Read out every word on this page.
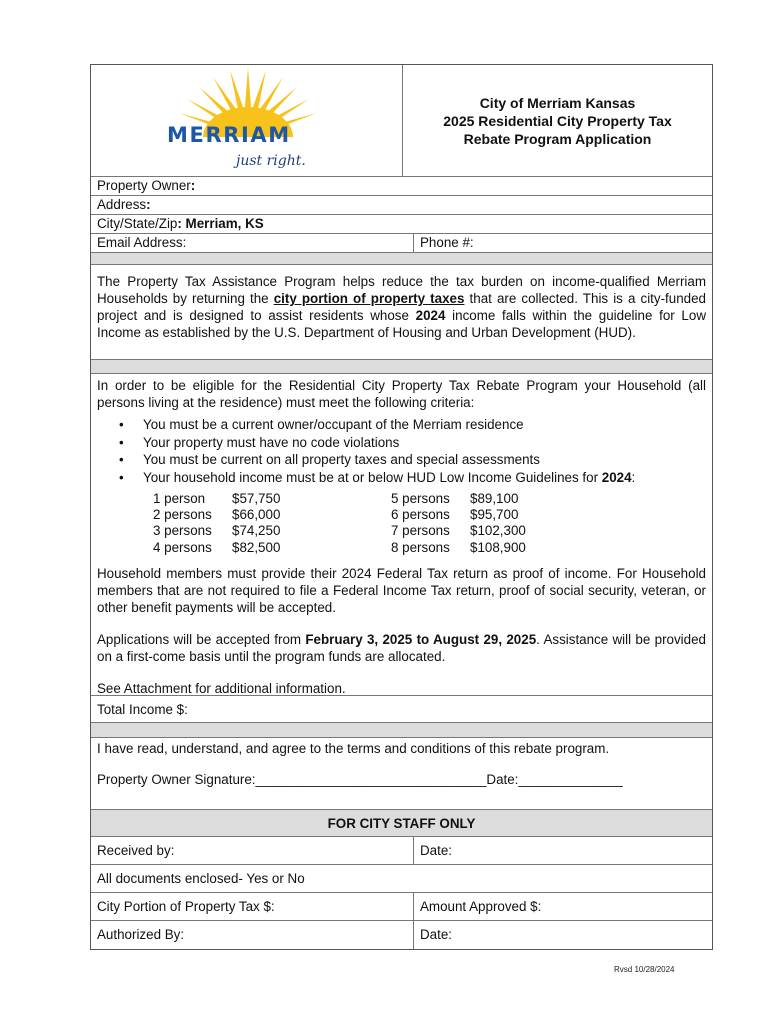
MERRIAM
just right.
City of Merriam Kansas
2025 Residential City Property Tax
Rebate Program Application
Property Owner:
Address:
City/State/Zip: Merriam, KS
Email Address:	Phone #:
The Property Tax Assistance Program helps reduce the tax burden on income-qualified Merriam Households by returning the city portion of property taxes that are collected. This is a city-funded project and is designed to assist residents whose 2024 income falls within the guideline for Low Income as established by the U.S. Department of Housing and Urban Development (HUD).

In order to be eligible for the Residential City Property Tax Rebate Program your Household (all persons living at the residence) must meet the following criteria:

• You must be a current owner/occupant of the Merriam residence
• Your property must have no code violations
• You must be current on all property taxes and special assessments
• Your household income must be at or below HUD Low Income Guidelines for 2024:
1 person	$57,750
2 persons	$66,000
3 persons	$74,250
4 persons	$82,500
5 persons	$89,100
6 persons	$95,700
7 persons	$102,300
8 persons	$108,900

Household members must provide their 2024 Federal Tax return as proof of income. For Household members that are not required to file a Federal Income Tax return, proof of social security, veteran, or other benefit payments will be accepted.

Applications will be accepted from February 3, 2025 to August 29, 2025. Assistance will be provided on a first-come basis until the program funds are allocated.

See Attachment for additional information.

Total Income $:

I have read, understand, and agree to the terms and conditions of this rebate program.

Property Owner Signature:_______________________________Date:______________

FOR CITY STAFF ONLY
Received by:	Date:
All documents enclosed- Yes or No
City Portion of Property Tax $:	Amount Approved $:
Authorized By:	Date:
Rvsd 10/28/2024
